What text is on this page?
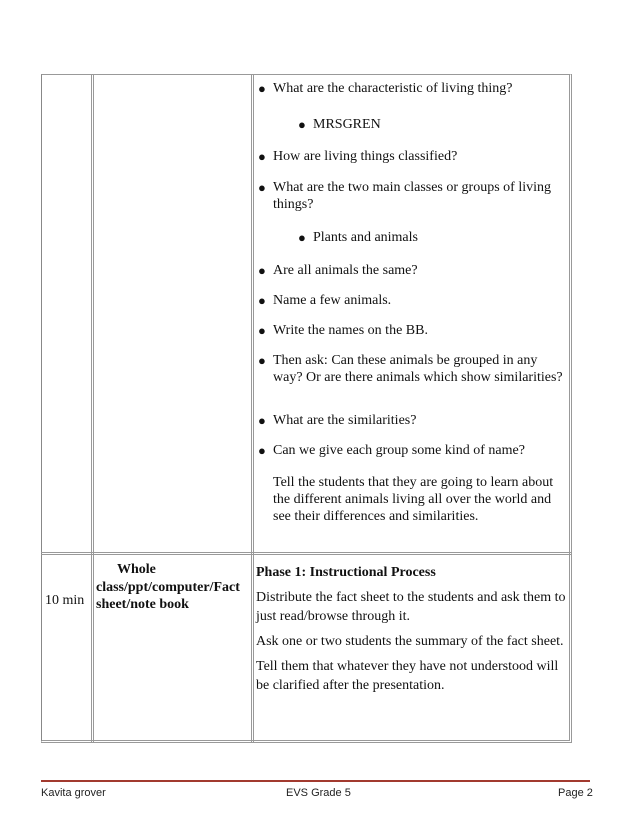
● What are the characteristic of living thing?
● MRSGREN
● How are living things classified?
● What are the two main classes or groups of living things?
● Plants and animals
● Are all animals the same?
● Name a few animals.
● Write the names on the BB.
● Then ask: Can these animals be grouped in any way? Or are there animals which show similarities?
● What are the similarities?
● Can we give each group some kind of name?
Tell the students that they are going to learn about the different animals living all over the world and see their differences and similarities.
10 min
Whole
class/ppt/computer/Fact sheet/note book
Phase 1: Instructional Process
Distribute the fact sheet to the students and ask them to just read/browse through it.
Ask one or two students the summary of the fact sheet.
Tell them that whatever they have not understood will be clarified after the presentation.
Kavita grover	EVS Grade 5	Page 2
